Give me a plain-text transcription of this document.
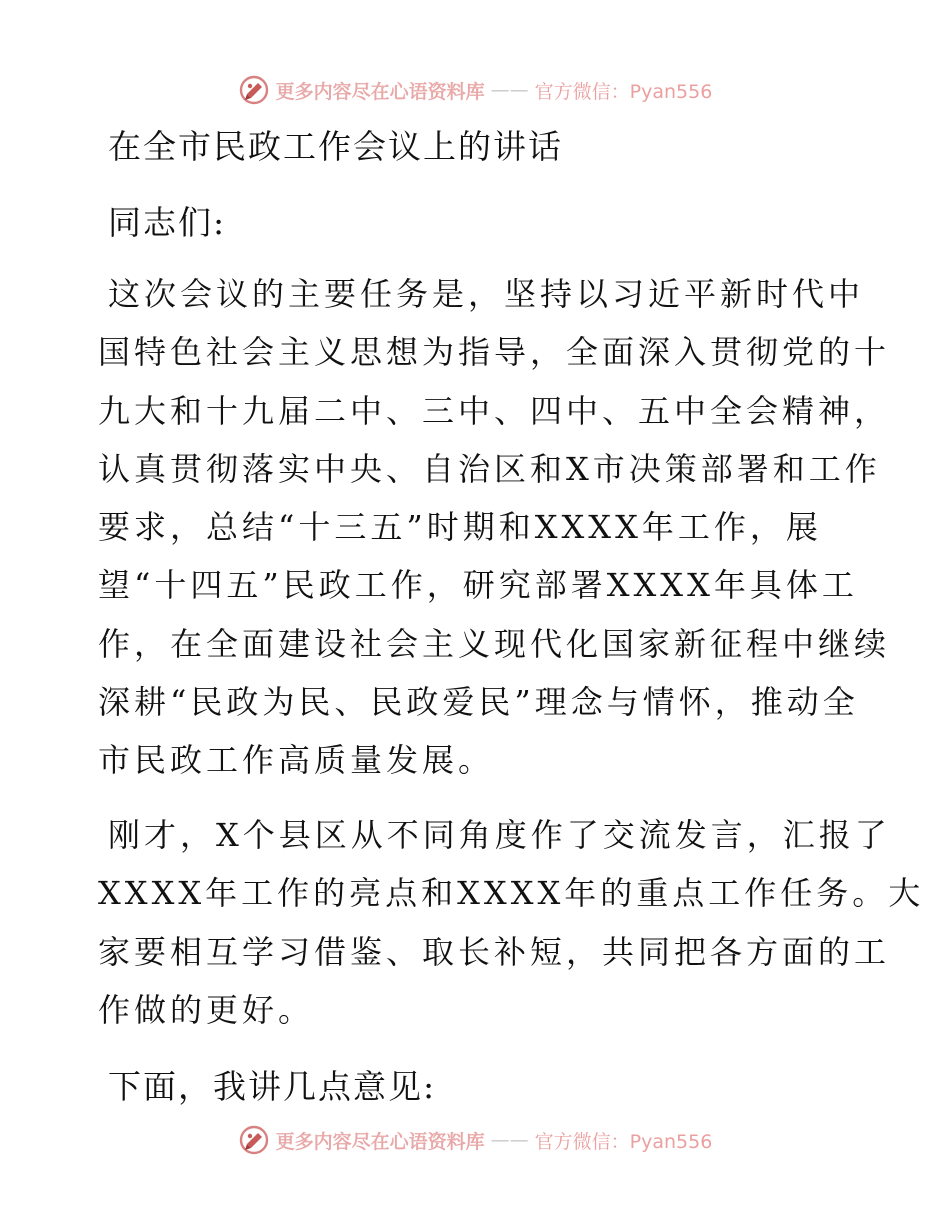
更多内容尽在心语资料库 —— 官方微信：Pyan556
在全市民政工作会议上的讲话
同志们:
这次会议的主要任务是，坚持以习近平新时代中
国特色社会主义思想为指导，全面深入贯彻党的十
九大和十九届二中、三中、四中、五中全会精神，
认真贯彻落实中央、自治区和X市决策部署和工作
要求，总结“十三五”时期和XXXX年工作，展
望“十四五”民政工作，研究部署XXXX年具体工
作，在全面建设社会主义现代化国家新征程中继续
深耕“民政为民、民政爱民”理念与情怀，推动全
市民政工作高质量发展。
刚才，X个县区从不同角度作了交流发言，汇报了
XXXX年工作的亮点和XXXX年的重点工作任务。大
家要相互学习借鉴、取长补短，共同把各方面的工
作做的更好。
下面，我讲几点意见:
更多内容尽在心语资料库 —— 官方微信：Pyan556
